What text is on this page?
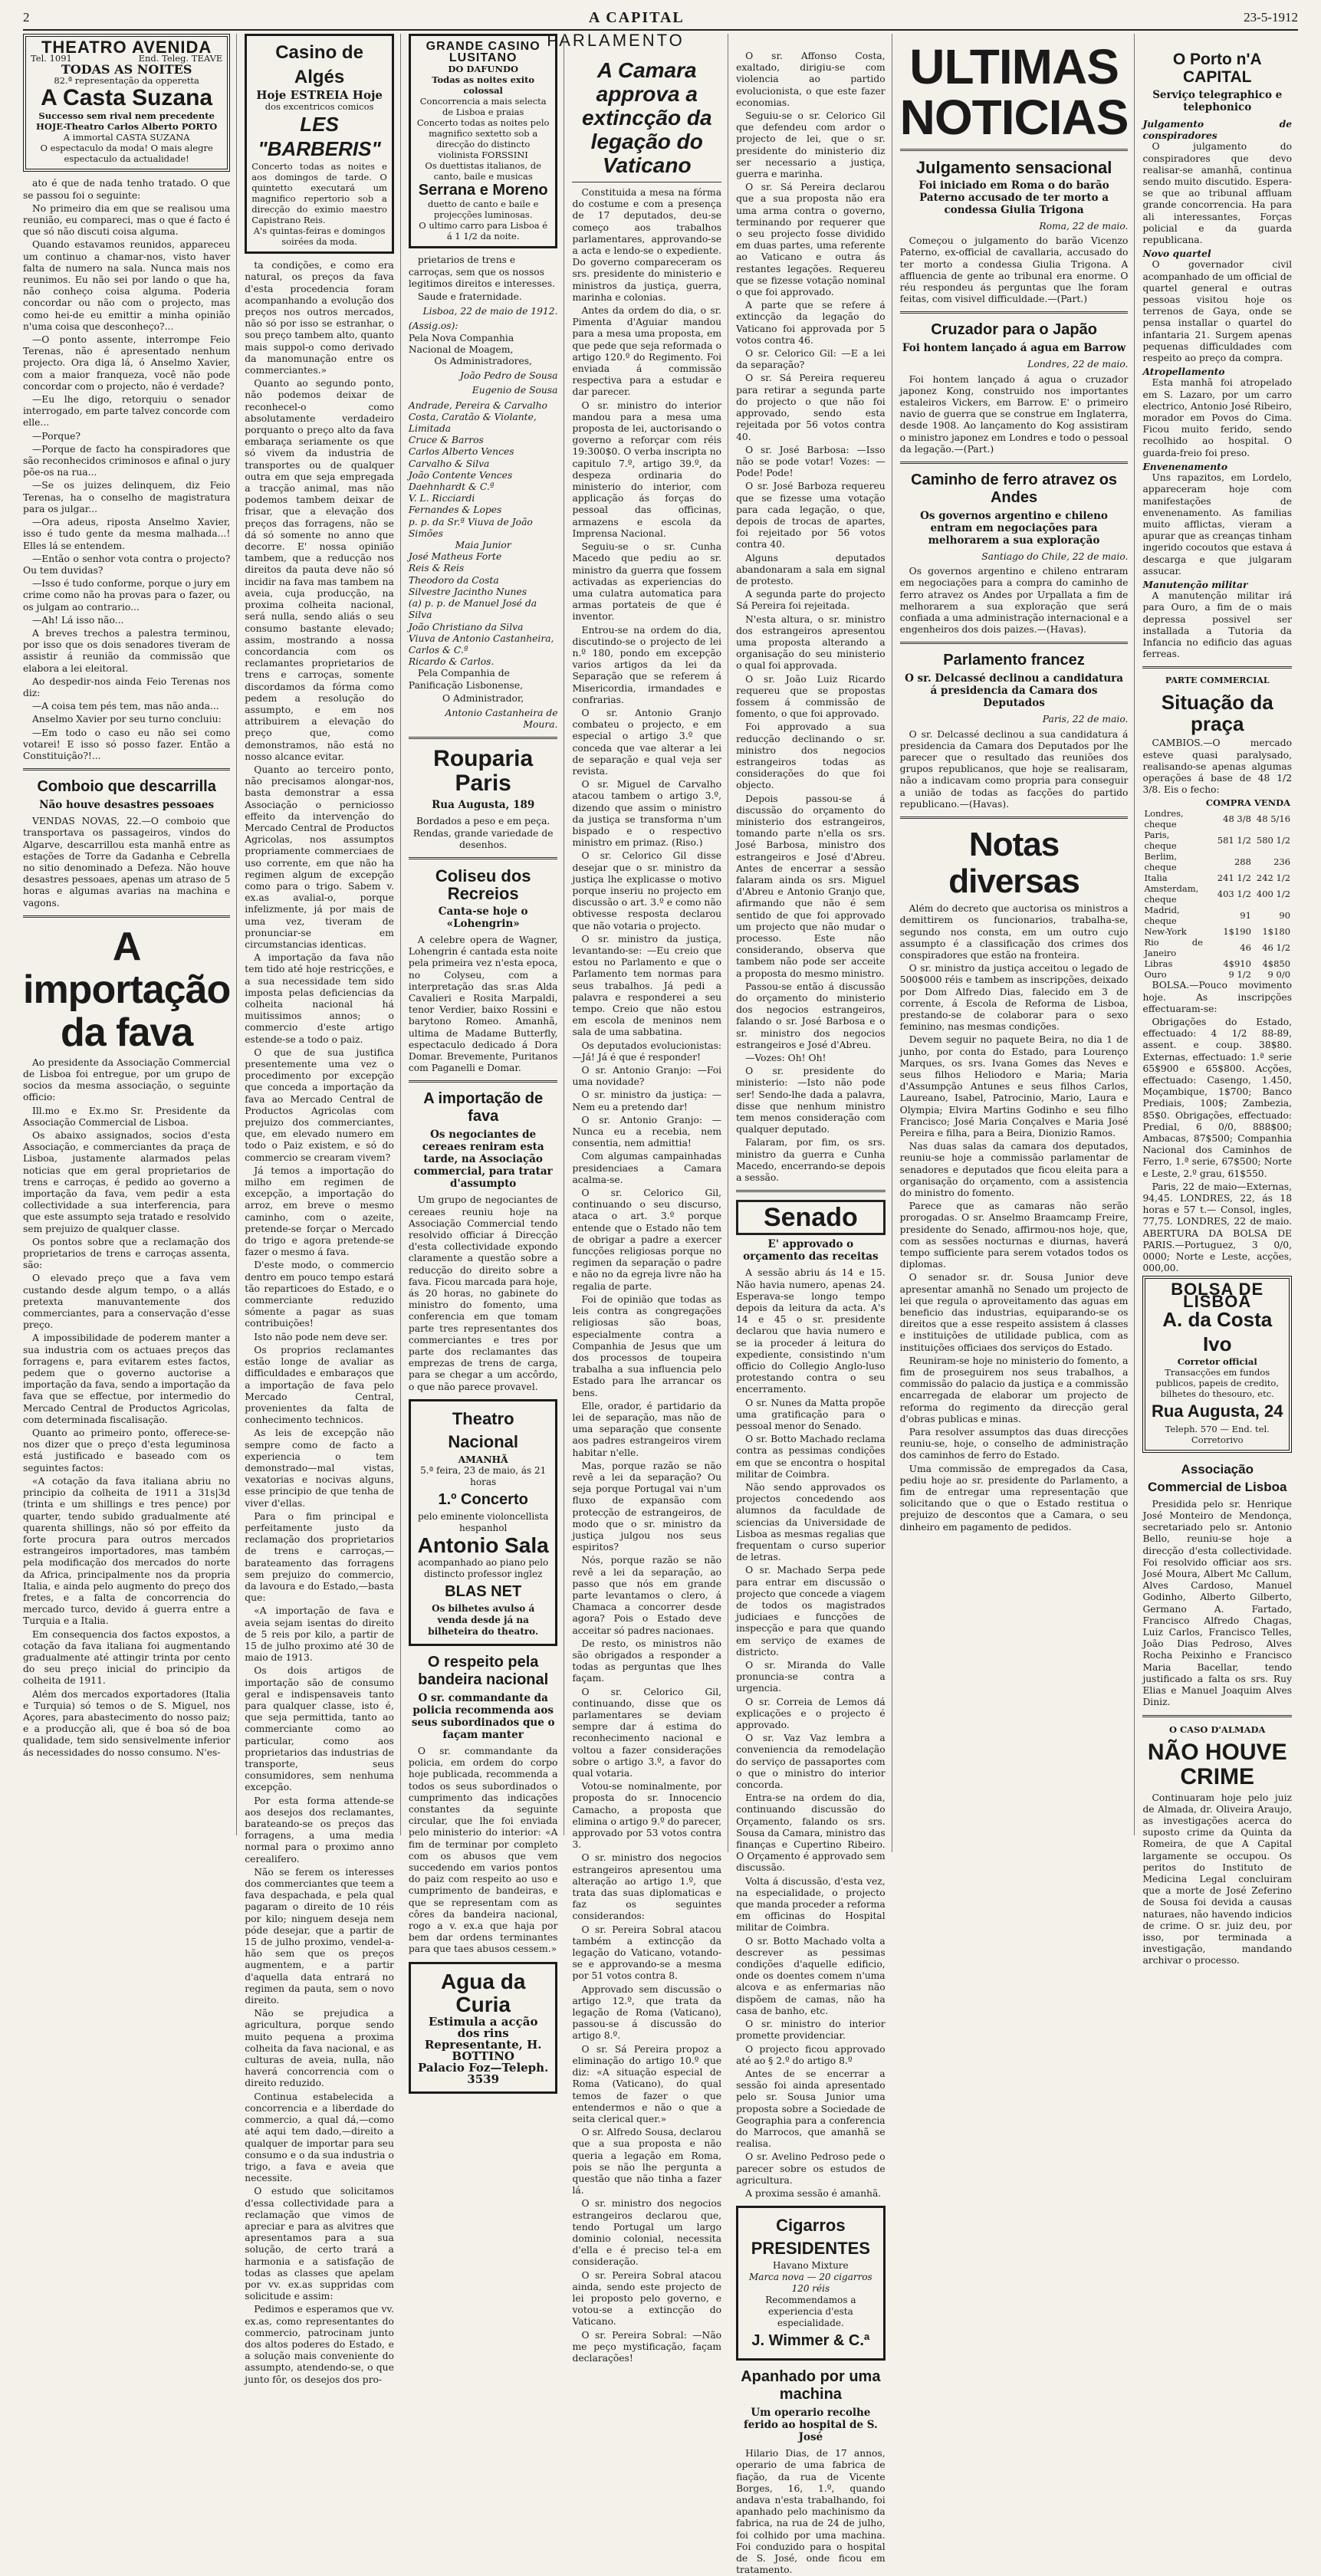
2	A CAPITAL	23-5-1912
PARLAMENTO
THEATRO AVENIDA
Tel. 1091	End. Teleg. TEAVE
TODAS AS NOITES
82.ª representação da opperetta
A Casta Suzana
Successo sem rival nem precedente
HOJE-Theatro Carlos Alberto PORTO
A immortal CASTA SUZANA
O espectaculo da moda! O mais alegre espectaculo da actualidade!

ato é que de nada tenho tratado. O que se passou foi o seguinte:

No primeiro dia em que se realisou uma reunião, eu compareci, mas o que é facto é que só não discuti coisa alguma.

Quando estavamos reunidos, appareceu um continuo a chamar-nos, visto haver falta de numero na sala. Nunca mais nos reunimos. Eu não sei por lando o que ha, não conheço coisa alguma. Poderia concordar ou não com o projecto, mas como hei-de eu emittir a minha opinião n'uma coisa que desconheço?...

—O ponto assente, interrompe Feio Terenas, não é apresentado nenhum projecto. Ora diga lá, ó Anselmo Xavier, com a maior franqueza, você não pode concordar com o projecto, não é verdade?

—Eu lhe digo, retorquiu o senador interrogado, em parte talvez concorde com elle...

—Porque?

—Porque de facto ha conspiradores que são reconhecidos criminosos e afinal o jury põe-os na rua...

—Se os juizes delinquem, diz Feio Terenas, ha o conselho de magistratura para os julgar...

—Ora adeus, riposta Anselmo Xavier, isso é tudo gente da mesma malhada...! Elles lá se entendem.

—Então o senhor vota contra o projecto? Ou tem duvidas?

—Isso é tudo conforme, porque o jury em crime como não ha provas para o fazer, ou os julgam ao contrario...

—Ah! Lá isso não...

A breves trechos a palestra terminou, por isso que os dois senadores tiveram de assistir á reunião da commissão que elabora a lei eleitoral.

Ao despedir-nos ainda Feio Terenas nos diz:

—A coisa tem pés tem, mas não anda...

Anselmo Xavier por seu turno concluiu:

—Em todo o caso eu não sei como votarei! E isso só posso fazer. Então a Constituição?!...

Comboio que descarrilla
Não houve desastres pessoaes

VENDAS NOVAS, 22.—O comboio que transportava os passageiros, vindos do Algarve, descarrillou esta manhã entre as estações de Torre da Gadanha e Cebrella no sitio denominado a Defeza. Não houve desastres pessoaes, apenas um atraso de 5 horas e algumas avarias na machina e vagons.

A importação da fava

Ao presidente da Associação Commercial de Lisboa foi entregue, por um grupo de socios da mesma associação, o seguinte officio:

Ill.mo e Ex.mo Sr. Presidente da Associação Commercial de Lisboa.

Os abaixo assignados, socios d'esta Associação, e commerciantes da praça de Lisboa, justamente alarmados pelas noticias que em geral proprietarios de trens e carroças, é pedido ao governo a importação da fava, vem pedir a esta collectividade a sua interferencia, para que este assumpto seja tratado e resolvido sem prejuizo de qualquer classe.

Os pontos sobre que a reclamação dos proprietarios de trens e carroças assenta, são:

O elevado preço que a fava vem custando desde algum tempo, o a allás pretexta manuvantemente dos commerciantes, para a conservação d'esse preço.

A impossibilidade de poderem manter a sua industria com os actuaes preços das forragens e, para evitarem estes factos, pedem que o governo auctorise a importação da fava, sendo a importação da fava que se effectue, por intermedio do Mercado Central de Productos Agricolas, com determinada fiscalisação.

Quanto ao primeiro ponto, offerece-se-nos dizer que o preço d'esta leguminosa está justificado e baseado com os seguintes factos:

«A cotação da fava italiana abriu no principio da colheita de 1911 a 31s|3d (trinta e um shillings e tres pence) por quarter, tendo subido gradualmente até quarenta shillings, não só por effeito da forte procura para outros mercados estrangeiros importadores, mas também pela modificação dos mercados do norte da Africa, principalmente nos da propria Italia, e ainda pelo augmento do preço dos fretes, e a falta de concorrencia do mercado turco, devido á guerra entre a Turquia e a Italia.

Em consequencia dos factos expostos, a cotação da fava italiana foi augmentando gradualmente até attingir trinta por cento do seu preço inicial do principio da colheita de 1911.

Além dos mercados exportadores (Italia e Turquia) só temos o de S. Miguel, nos Açores, para abastecimento do nosso paiz; e a producção ali, que é boa só de boa qualidade, tem sido sensivelmente inferior ás necessidades do nosso consumo. N'es-

Casino de Algés
Hoje ESTREIA Hoje
dos excentricos comicos
LES "BARBERIS"
Concerto todas as noites e aos domingos de tarde. O quintetto executará um magnifico repertorio sob a direcção do eximio maestro Capistrano Reis.
A's quintas-feiras e domingos soirées da moda.

ta condições, e como era natural, os preços da fava d'esta procedencia foram acompanhando a evolução dos preços nos outros mercados, não só por isso se estranhar, o sou preço tambem alto, quanto mais suppol-o como derivado da manomunação entre os commerciantes.»

Quanto ao segundo ponto, não podemos deixar de reconhecel-o como absolutamente verdadeiro porquanto o preço alto da fava embaraça seriamente os que só vivem da industria de transportes ou de qualquer outra em que seja empregada a tracção animal, mas não podemos tambem deixar de frisar, que a elevação dos preços das forragens, não se dá só somente no anno que decorre. E' nossa opinião tambem, que a reducção nos direitos da pauta deve não só incidir na fava mas tambem na aveia, cuja producção, na proxima colheita nacional, será nulla, sendo aliás o seu consumo bastante elevado; assim, mostrando a nossa concordancia com os reclamantes proprietarios de trens e carroças, somente discordamos da fórma como pedem a resolução do assumpto, e em nos attribuirem a elevação do preço que, como demonstramos, não está no nosso alcance evitar.

Quanto ao terceiro ponto, não precisamos alongar-nos, basta demonstrar a essa Associação o perniciosso effeito da intervenção do Mercado Central de Productos Agricolas, nos assumptos propriamente commerciaes de uso corrente, em que não ha regimen algum de excepção como para o trigo. Sabem v. ex.as avalial-o, porque infelizmente, já por mais de uma vez, tiveram de pronunciar-se em circumstancias identicas.

A importação da fava não tem tido até hoje restricções, e a sua necessidade tem sido imposta pelas deficiencias da colheita nacional há muitissimos annos; o commercio d'este artigo estende-se a todo o paiz.

O que de sua justifica presentemente uma vez o procedimento por excepção que conceda a importação da fava ao Mercado Central de Productos Agricolas com prejuizo dos commerciantes, que, em elevado numero em todo o Paiz existem, e só do commercio se crearam vivem?

Já temos a importação do milho em regimen de excepção, a importação do arroz, em breve o mesmo caminho, com o azeite, pretende-se forçar o Mercado do trigo e agora pretende-se fazer o mesmo á fava.

D'este modo, o commercio dentro em pouco tempo estará tão reparticoes do Estado, e o commerciante reduzido sómente a pagar as suas contribuições!

Isto não pode nem deve ser.

Os proprios reclamantes estão longe de avaliar as difficuldades e embaraços que a importação de fava pelo Mercado Central, provenientes da falta de conhecimento technicos.

As leis de excepção não sempre como de facto a experiencia o tem demonstrado—mal vistas, vexatorias e nocivas alguns, esse principio de que tenha de viver d'ellas.

Para o fim principal e perfeitamente justo da reclamação dos proprietarios de trens e carroças,—barateamento das forragens sem prejuizo do commercio, da lavoura e do Estado,—basta que:

«A importação de fava e aveia sejam isentas do direito de 5 reis por kilo, a partir de 15 de julho proximo até 30 de maio de 1913.

Os dois artigos de importação são de consumo geral e indispensaveis tanto para qualquer classe, isto é, que seja permittida, tanto ao commerciante como ao particular, como aos proprietarios das industrias de transporte, seus consumidores, sem nenhuma excepção.

Por esta forma attende-se aos desejos dos reclamantes, barateando-se os preços das forragens, a uma media normal para o proximo anno cerealifero.

Não se ferem os interesses dos commerciantes que teem a fava despachada, e pela qual pagaram o direito de 10 réis por kilo; ninguem deseja nem póde desejar, que a partir de 15 de julho proximo, vendel-a-hão sem que os preços augmentem, e a partir d'aquella data entrará no regimen da pauta, sem o novo direito.

Não se prejudica a agricultura, porque sendo muito pequena a proxima colheita da fava nacional, e as culturas de aveia, nulla, não haverá concorrencia com o direito reduzido.

Continua estabelecida a concorrencia e a liberdade do commercio, a qual dá,—como até aqui tem dado,—direito a qualquer de importar para seu consumo e o da sua industria o trigo, a fava e aveia que necessite.

O estudo que solicitamos d'essa collectividade para a reclamação que vimos de apreciar e para as alvitres que apresentamos para a sua solução, de certo trará a harmonia e a satisfação de todas as classes que apelam por vv. ex.as suppridas com solicitude e assim:

Pedimos e esperamos que vv. ex.as, como representantes do commercio, patrocinam junto dos altos poderes do Estado, e a solução mais conveniente do assumpto, atendendo-se, o que junto fôr, os desejos dos pro-

GRANDE CASINO LUSITANO
DO DAFUNDO
Todas as noites exito colossal
Concorrencia a mais selecta de Lisboa e praias
Concerto todas as noites pelo magnifico sextetto sob a direcção do distincto violinista FORSSINI
Os duettistas italianos, de canto, baile e musicas
Serrana e Moreno
duetto de canto e baile e projecções luminosas.
O ultimo carro para Lisboa é á 1 1/2 da noite.

prietarios de trens e carroças, sem que os nossos legitimos direitos e interesses.

Saude e fraternidade.

Lisboa, 22 de maio de 1912.
(Assig.os):
Pela Nova Companhia Nacional de Moagem,
Os Administradores,
João Pedro de Sousa
Eugenio de Sousa
Andrade, Pereira & Carvalho
Costa, Caratão & Violante, Limitada
Cruce & Barros
Carlos Alberto Vences
Carvalho & Silva
João Contente Vences
Daehnhardt & C.ª
V. L. Ricciardi
Fernandes & Lopes
p. p. da Sr.ª Viuva de João Simões
Maia Junior
José Matheus Forte
Reis & Reis
Theodoro da Costa
Silvestre Jacintho Nunes
(a) p. p. de Manuel José da Silva
João Christiano da Silva
Viuva de Antonio Castanheira, Carlos & C.ª
Ricardo & Carlos.

Pela Companhia de Panificação Lisbonense,

O Administrador,
Antonio Castanheira de Moura.
Rouparia Paris
Rua Augusta, 189
Bordados a peso e em peça. Rendas, grande variedade de desenhos.
Coliseu dos Recreios
Canta-se hoje o «Lohengrin»

A celebre opera de Wagner, Lohengrin é cantada esta noite pela primeira vez n'esta epoca, no Colyseu, com a interpretação das sr.as Alda Cavalieri e Rosita Marpaldi, tenor Verdier, baixo Rossini e barytono Romeo. Amanhã, ultima de Madame Butterfly, espectaculo dedicado á Dora Domar. Brevemente, Puritanos com Paganelli e Domar.

A importação de fava
Os negociantes de cereaes reniram esta tarde, na Associação commercial, para tratar d'assumpto

Um grupo de negociantes de cereaes reuniu hoje na Associação Commercial tendo resolvido officiar á Direcção d'esta collectividade expondo claramente a questão sobre a reducção do direito sobre a fava. Ficou marcada para hoje, ás 20 horas, no gabinete do ministro do fomento, uma conferencia em que tomam parte tres representantes dos commerciantes e tres por parte dos reclamantes das emprezas de trens de carga, para se chegar a um accôrdo, o que não parece provavel.

Theatro Nacional
AMANHÃ
5.ª feira, 23 de maio, ás 21 horas
1.º Concerto
pelo eminente violoncellista hespanhol
Antonio Sala
acompanhado ao piano pelo distincto professor inglez
BLAS NET
Os bilhetes avulso á venda desde já na bilheteira do theatro.
O respeito pela bandeira nacional
O sr. commandante da policia recommenda aos seus subordinados que o façam manter

O sr. commandante da policia, em ordem do corpo hoje publicada, recommenda a todos os seus subordinados o cumprimento das indicações constantes da seguinte circular, que lhe foi enviada pelo ministerio do interior: «A fim de terminar por completo com os abusos que vem succedendo em varios pontos do paiz com respeito ao uso e cumprimento de bandeiras, e que se representam com as côres da bandeira nacional, rogo a v. ex.a que haja por bem dar ordens terminantes para que taes abusos cessem.»

Agua da Curia
Estimula a acção dos rins
Representante, H. BOTTINO
Palacio Foz—Teleph. 3539
A Camara approva a extincção da legação do Vaticano

Constituida a mesa na fórma do costume e com a presença de 17 deputados, deu-se começo aos trabalhos parlamentares, approvando-se a acta e lendo-se o expediente. Do governo compareceram os srs. presidente do ministerio e ministros da justiça, guerra, marinha e colonias.

Antes da ordem do dia, o sr. Pimenta d'Aguiar mandou para a mesa uma proposta, em que pede que seja reformada o artigo 120.º do Regimento. Foi enviada á commissão respectiva para a estudar e dar parecer.

O sr. ministro do interior mandou para a mesa uma proposta de lei, auctorisando o governo a reforçar com réis 19:300$0. O verba inscripta no capitulo 7.º, artigo 39.º, da despeza ordinaria do ministerio do interior, com applicação ás forças do pessoal das officinas, armazens e escola da Imprensa Nacional.

Seguiu-se o sr. Cunha Macedo que pediu ao sr. ministro da guerra que fossem activadas as experiencias do uma culatra automatica para armas portateis de que é inventor.

Entrou-se na ordem do dia, discutindo-se o projecto de lei n.º 180, pondo em excepção varios artigos da lei da Separação que se referem á Misericordia, irmandades e confrarias.

O sr. Antonio Granjo combateu o projecto, e em especial o artigo 3.º que conceda que vae alterar a lei de separação e qual veja ser revista.

O sr. Miguel de Carvalho atacou tambem o artigo 3.º, dizendo que assim o ministro da justiça se transforma n'um bispado e o respectivo ministro em primaz. (Riso.)

O sr. Celorico Gil disse desejar que o sr. ministro da justiça lhe explicasse o motivo porque inseriu no projecto em discussão o art. 3.º e como não obtivesse resposta declarou que não votaria o projecto.

O sr. ministro da justiça, levantando-se: —Eu creio que estou no Parlamento e que o Parlamento tem normas para seus trabalhos. Já pedi a palavra e responderei a seu tempo. Creio que não estou em escola de meninos nem sala de uma sabbatina.

Os deputados evolucionistas: —Já! Já é que é responder!

O sr. Antonio Granjo: —Foi uma novidade?

O sr. ministro da justiça: —Nem eu a pretendo dar!

O sr. Antonio Granjo: —Nunca eu a recebia, nem consentia, nem admittia!

Com algumas campainhadas presidenciaes a Camara acalma-se.

O sr. Celorico Gil, continuando o seu discurso, ataca o art. 3.º porque entende que o Estado não tem de obrigar a padre a exercer funcções religiosas porque no regimen da separação o padre e não no da egreja livre não ha regalia de parte.

Foi de opinião que todas as leis contra as congregações religiosas são boas, especialmente contra a Companhia de Jesus que um dos processos de toupeira trabalha a sua influencia pelo Estado para lhe arrancar os bens.

Elle, orador, é partidario da lei de separação, mas não de uma separação que consente aos padres estrangeiros virem habitar n'elle.

Mas, porque razão se não revê a lei da separação? Ou seja porque Portugal vai n'um fluxo de expansão com protecção de estrangeiros, de modo que o sr. ministro da justiça julgou nos seus espiritos?

Nós, porque razão se não revê a lei da separação, ao passo que nós em grande parte levantamos o clero, á Chamaca a concorrer desde agora? Pois o Estado deve acceitar só padres nacionaes.

De resto, os ministros não são obrigados a responder a todas as perguntas que lhes façam.

O sr. Celorico Gil, continuando, disse que os parlamentares se deviam sempre dar á estima do reconhecimento nacional e voltou a fazer considerações sobre o artigo 3.º, a favor do qual votaria.

Votou-se nominalmente, por proposta do sr. Innocencio Camacho, a proposta que elimina o artigo 9.º do parecer, approvado por 53 votos contra 3.

O sr. ministro dos negocios estrangeiros apresentou uma alteração ao artigo 1.º, que trata das suas diplomaticas e faz os seguintes considerandos:

O sr. Pereira Sobral atacou também a extincção da legação do Vaticano, votando-se e approvando-se a mesma por 51 votos contra 8.

Approvado sem discussão o artigo 12.º, que trata da legação de Roma (Vaticano), passou-se á discussão do artigo 8.º.

O sr. Sá Pereira propoz a eliminação do artigo 10.º que diz: «A situação especial de Roma (Vaticano), do qual temos de fazer o que entendermos e não o que a seita clerical quer.»

O sr. Alfredo Sousa, declarou que a sua proposta e não queria a legação em Roma, pois se não lhe pergunta a questão que não tinha a fazer lá.

O sr. ministro dos negocios estrangeiros declarou que, tendo Portugal um largo dominio colonial, necessita d'ella e é preciso tel-a em consideração.

O sr. Pereira Sobral atacou ainda, sendo este projecto de lei proposto pelo governo, e votou-se a extincção do Vaticano.

O sr. Pereira Sobral: —Não me peço mystificação, façam declarações!

O sr. Affonso Costa, exaltado, dirigiu-se com violencia ao partido evolucionista, o que este fazer economias.

Seguiu-se o sr. Celorico Gil que defendeu com ardor o projecto de lei, que o sr. presidente do ministerio diz ser necessario a justiça, guerra e marinha.

O sr. Sá Pereira declarou que a sua proposta não era uma arma contra o governo, terminando por requerer que o seu projecto fosse dividido em duas partes, uma referente ao Vaticano e outra ás restantes legações. Requereu que se fizesse votação nominal o que foi approvado.

A parte que se refere á extincção da legação do Vaticano foi approvada por 5 votos contra 46.

O sr. Celorico Gil: —E a lei da separação?

O sr. Sá Pereira requereu para retirar a segunda parte do projecto o que não foi approvado, sendo esta rejeitada por 56 votos contra 40.

O sr. José Barbosa: —Isso não se pode votar! Vozes: —Pode! Pode!

O sr. José Barboza requereu que se fizesse uma votação para cada legação, o que, depois de trocas de apartes, foi rejeitado por 56 votos contra 40.

Alguns deputados abandonaram a sala em signal de protesto.

A segunda parte do projecto Sá Pereira foi rejeitada.

N'esta altura, o sr. ministro dos estrangeiros apresentou uma proposta alterando a organisação do seu ministerio o qual foi approvada.

O sr. João Luiz Ricardo requereu que se propostas fossem á commissão de fomento, o que foi approvado.

Foi approvado a sua reducção declinando o sr. ministro dos negocios estrangeiros todas as considerações do que foi objecto.

Depois passou-se á discussão do orçamento do ministerio dos estrangeiros, tomando parte n'ella os srs. José Barbosa, ministro dos estrangeiros e José d'Abreu. Antes de encerrar a sessão falaram ainda os srs. Miguel d'Abreu e Antonio Granjo que, afirmando que não é sem sentido de que foi approvado um projecto que não mudar o processo. Este não considerando, observa que tambem não pode ser acceite a proposta do mesmo ministro.

Passou-se então á discussão do orçamento do ministerio dos negocios estrangeiros, falando o sr. José Barbosa e o sr. ministro dos negocios estrangeiros e José d'Abreu.

—Vozes: Oh! Oh!

O sr. presidente do ministerio: —Isto não pode ser! Sendo-lhe dada a palavra, disse que nenhum ministro tem menos consideração com qualquer deputado.

Falaram, por fim, os srs. ministro da guerra e Cunha Macedo, encerrando-se depois a sessão.

Senado
E' approvado o orçamento das receitas

A sessão abriu ás 14 e 15. Não havia numero, apenas 24. Esperava-se longo tempo depois da leitura da acta. A's 14 e 45 o sr. presidente declarou que havia numero e se ia proceder á leitura do expediente, consistindo n'um officio do Collegio Anglo-luso protestando contra o seu encerramento.

O sr. Nunes da Matta propõe uma gratificação para o pessoal menor do Senado.

O sr. Botto Machado reclama contra as pessimas condições em que se encontra o hospital militar de Coimbra.

Não sendo approvados os projectos concedendo aos alumnos da faculdade de sciencias da Universidade de Lisboa as mesmas regalias que frequentam o curso superior de letras.

O sr. Machado Serpa pede para entrar em discussão o projecto que concede a viagem de todos os magistrados judiciaes e funcções de inspecção e para que quando em serviço de exames de districto.

O sr. Miranda do Valle pronuncia-se contra a urgencia.

O sr. Correia de Lemos dá explicações e o projecto é approvado.

O sr. Vaz Vaz lembra a conveniencia da remodelação do serviço de passaportes com o que o ministro do interior concorda.

Entra-se na ordem do dia, continuando discussão do Orçamento, falando os srs. Sousa da Camara, ministro das finanças e Cupertino Ribeiro. O Orçamento é approvado sem discussão.

Volta á discussão, d'esta vez, na especialidade, o projecto que manda proceder a reforma em officinas do Hospital militar de Coimbra.

O sr. Botto Machado volta a descrever as pessimas condições d'aquelle edificio, onde os doentes comem n'uma alcova e as enfermarias não dispõem de camas, não ha casa de banho, etc.

O sr. ministro do interior promette providenciar.

O projecto ficou approvado até ao § 2.º do artigo 8.º

Antes de se encerrar a sessão foi ainda apresentado pelo sr. Sousa Junior uma proposta sobre a Sociedade de Geographia para a conferencia do Marrocos, que amanhã se realisa.

O sr. Avelino Pedroso pede o parecer sobre os estudos de agricultura.

A proxima sessão é amanhã.

Cigarros PRESIDENTES
Havano Mixture
Marca nova — 20 cigarros 120 réis
Recommendamos a experiencia d'esta especialidade.
J. Wimmer & C.ª
Apanhado por uma machina
Um operario recolhe ferido ao hospital de S. José

Hilario Dias, de 17 annos, operario de uma fabrica de fiação, da rua de Vicente Borges, 16, 1.º, quando andava n'esta trabalhando, foi apanhado pelo machinismo da fabrica, na rua de 24 de julho, foi colhido por uma machina. Foi conduzido para o hospital de S. José, onde ficou em tratamento.

ULTIMAS NOTICIAS
Julgamento sensacional
Foi iniciado em Roma o do barão Paterno accusado de ter morto a condessa Giulia Trigona
Roma, 22 de maio.

Começou o julgamento do barão Vicenzo Paterno, ex-official de cavallaria, accusado do ter morto a condessa Giulia Trigona. A affluencia de gente ao tribunal era enorme. O réu respondeu ás perguntas que lhe foram feitas, com visivel difficuldade.—(Part.)

Cruzador para o Japão
Foi hontem lançado á agua em Barrow
Londres, 22 de maio.

Foi hontem lançado á agua o cruzador japonez Kong, construido nos importantes estaleiros Vickers, em Barrow. E' o primeiro navio de guerra que se construe em Inglaterra, desde 1908. Ao lançamento do Kog assistiram o ministro japonez em Londres e todo o pessoal da legação.—(Part.)

Caminho de ferro atravez os Andes
Os governos argentino e chileno entram em negociações para melhorarem a sua exploração
Santiago do Chile, 22 de maio.

Os governos argentino e chileno entraram em negociações para a compra do caminho de ferro atravez os Andes por Urpallata a fim de melhorarem a sua exploração que será confiada a uma administração internacional e a engenheiros dos dois paizes.—(Havas).

Parlamento francez
O sr. Delcassé declinou a candidatura á presidencia da Camara dos Deputados
Paris, 22 de maio.

O sr. Delcassé declinou a sua candidatura á presidencia da Camara dos Deputados por lhe parecer que o resultado das reuniões dos grupos republicanos, que hoje se realisaram, não a indicavam como propria para conseguir a união de todas as facções do partido republicano.—(Havas).

Notas diversas

Além do decreto que auctorisa os ministros a demittirem os funcionarios, trabalha-se, segundo nos consta, em um outro cujo assumpto é a classificação dos crimes dos conspiradores que estão na fronteira.

O sr. ministro da justiça acceitou o legado de 500$000 réis e tambem as inscripções, deixado por Dom Alfredo Dias, falecido em 3 de corrente, á Escola de Reforma de Lisboa, prestando-se de colaborar para o sexo feminino, nas mesmas condições.

Devem seguir no paquete Beira, no dia 1 de junho, por conta do Estado, para Lourenço Marques, os srs. Ivana Gomes das Neves e seus filhos Heliodoro e Maria; Maria d'Assumpção Antunes e seus filhos Carlos, Laureano, Isabel, Patrocinio, Mario, Laura e Olympia; Elvira Martins Godinho e seu filho Francisco; José Maria Conçalves e Maria José Pereira e filha, para a Beira, Dionizio Ramos.

Nas duas salas da camara dos deputados, reuniu-se hoje a commissão parlamentar de senadores e deputados que ficou eleita para a organisação do orçamento, com a assistencia do ministro do fomento.

Parece que as camaras não serão prorogadas. O sr. Anselmo Braamcamp Freire, presidente do Senado, affirmou-nos hoje, que, com as sessões nocturnas e diurnas, haverá tempo sufficiente para serem votados todos os diplomas.

O senador sr. dr. Sousa Junior deve apresentar amanhã no Senado um projecto de lei que regula o aproveitamento das aguas em beneficio das industrias, equiparando-se os direitos que a esse respeito assistem á classes e instituições de utilidade publica, com as instituições officiaes dos serviços do Estado.

Reuniram-se hoje no ministerio do fomento, a fim de proseguirem nos seus trabalhos, a commissão do palacio da justiça e a commissão encarregada de elaborar um projecto de reforma do regimento da direcção geral d'obras publicas e minas.

Para resolver assumptos das duas direcções reuniu-se, hoje, o conselho de administração dos caminhos de ferro do Estado.

Uma commissão de empregados da Casa, pediu hoje ao sr. presidente do Parlamento, a fim de entregar uma representação que solicitando que o que o Estado restitua o prejuizo de descontos que a Camara, o seu dinheiro em pagamento de pedidos.

O Porto n'A CAPITAL
Serviço telegraphico e telephonico
Julgamento de conspiradores

O julgamento do conspiradores que devo realisar-se amanhã, continua sendo muito discutido. Espera-se que ao tribunal affluam grande concorrencia. Ha para ali interessantes, Forças policial e da guarda republicana.

Novo quartel

O governador civil acompanhado de um official de quartel general e outras pessoas visitou hoje os terrenos de Gaya, onde se pensa installar o quartel do infantaria 21. Surgem apenas pequenas difficuldades com respeito ao preço da compra.

Atropellamento

Esta manhã foi atropelado em S. Lazaro, por um carro electrico, Antonio José Ribeiro, morador em Povos do Cima. Ficou muito ferido, sendo recolhido ao hospital. O guarda-freio foi preso.

Envenenamento

Uns rapazitos, em Lordelo, appareceram hoje com manifestações de envenenamento. As familias muito afflictas, vieram a apurar que as creanças tinham ingerido cocoutos que estava á descarga e que julgaram assucar.

Manutenção militar

A manutenção militar irá para Ouro, a fim de o mais depressa possivel ser installada a Tutoria da Infancia no edificio das aguas ferreas.

PARTE COMMERCIAL
Situação da praça

CAMBIOS.—O mercado esteve quasi paralysado, realisando-se apenas algumas operações á base de 48 1/2 3/8. Eis o fecho:

	COMPRA	VENDA
Londres, cheque	48 3/8	48 5/16
Paris, cheque	581 1/2	580 1/2
Berlim, cheque	288	236
Italia	241 1/2	242 1/2
Amsterdam, cheque	403 1/2	400 1/2
Madrid, cheque	91	90
New-York	1$190	1$180
Rio de Janeiro	46	46 1/2
Libras	4$910	4$850
Ouro	9 1/2	9 0/0

BOLSA.—Pouco movimento hoje. As inscripções effectuaram-se:

Obrigações do Estado, effectuado: 4 1/2 88-89, assent. e coup. 38$80. Externas, effectuado: 1.ª serie 65$900 e 65$800. Acções, effectuado: Casengo, 1.450, Moçambique, 1$700; Banco Prediais, 100$; Zambezia, 85$0. Obrigações, effectuado: Predial, 6 0/0, 888$00; Ambacas, 87$500; Companhia Nacional dos Caminhos de Ferro, 1.ª serie, 67$500; Norte e Leste, 2.º grau, 61$550.

Paris, 22 de maio—Externas, 94,45. LONDRES, 22, ás 18 horas e 57 t.— Consol, ingles, 77,75. LONDRES, 22 de maio. ABERTURA DA BOLSA DE PARIS.—Portuguez, 3 0/0, 0000; Norte e Leste, acções, 000,00.

BOLSA DE LISBOA
A. da Costa Ivo
Corretor official
Transacções em fundos publicos, papeis de credito, bilhetes do thesouro, etc.
Rua Augusta, 24
Teleph. 570 — End. tel. Corretorivo
Associação Commercial de Lisboa

Presidida pelo sr. Henrique José Monteiro de Mendonça, secretariado pelo sr. Antonio Bello, reuniu-se hoje a direcção d'esta collectividade. Foi resolvido officiar aos srs. José Moura, Albert Mc Callum, Alves Cardoso, Manuel Godinho, Alberto Gilberto, Germano A. Fartado, Francisco Alfredo Chagas, Luiz Carlos, Francisco Telles, João Dias Pedroso, Alves Rocha Peixinho e Francisco Maria Bacellar, tendo justificado a falta os srs. Ruy Elias e Manuel Joaquim Alves Diniz.

O CASO D'ALMADA
NÃO HOUVE CRIME

Continuaram hoje pelo juiz de Almada, dr. Oliveira Araujo, as investigações acerca do suposto crime da Quinta da Romeira, de que A Capital largamente se occupou. Os peritos do Instituto de Medicina Legal concluiram que a morte de José Zeferino de Sousa foi devida a causas naturaes, não havendo indicios de crime. O sr. juiz deu, por isso, por terminada a investigação, mandando archivar o processo.
